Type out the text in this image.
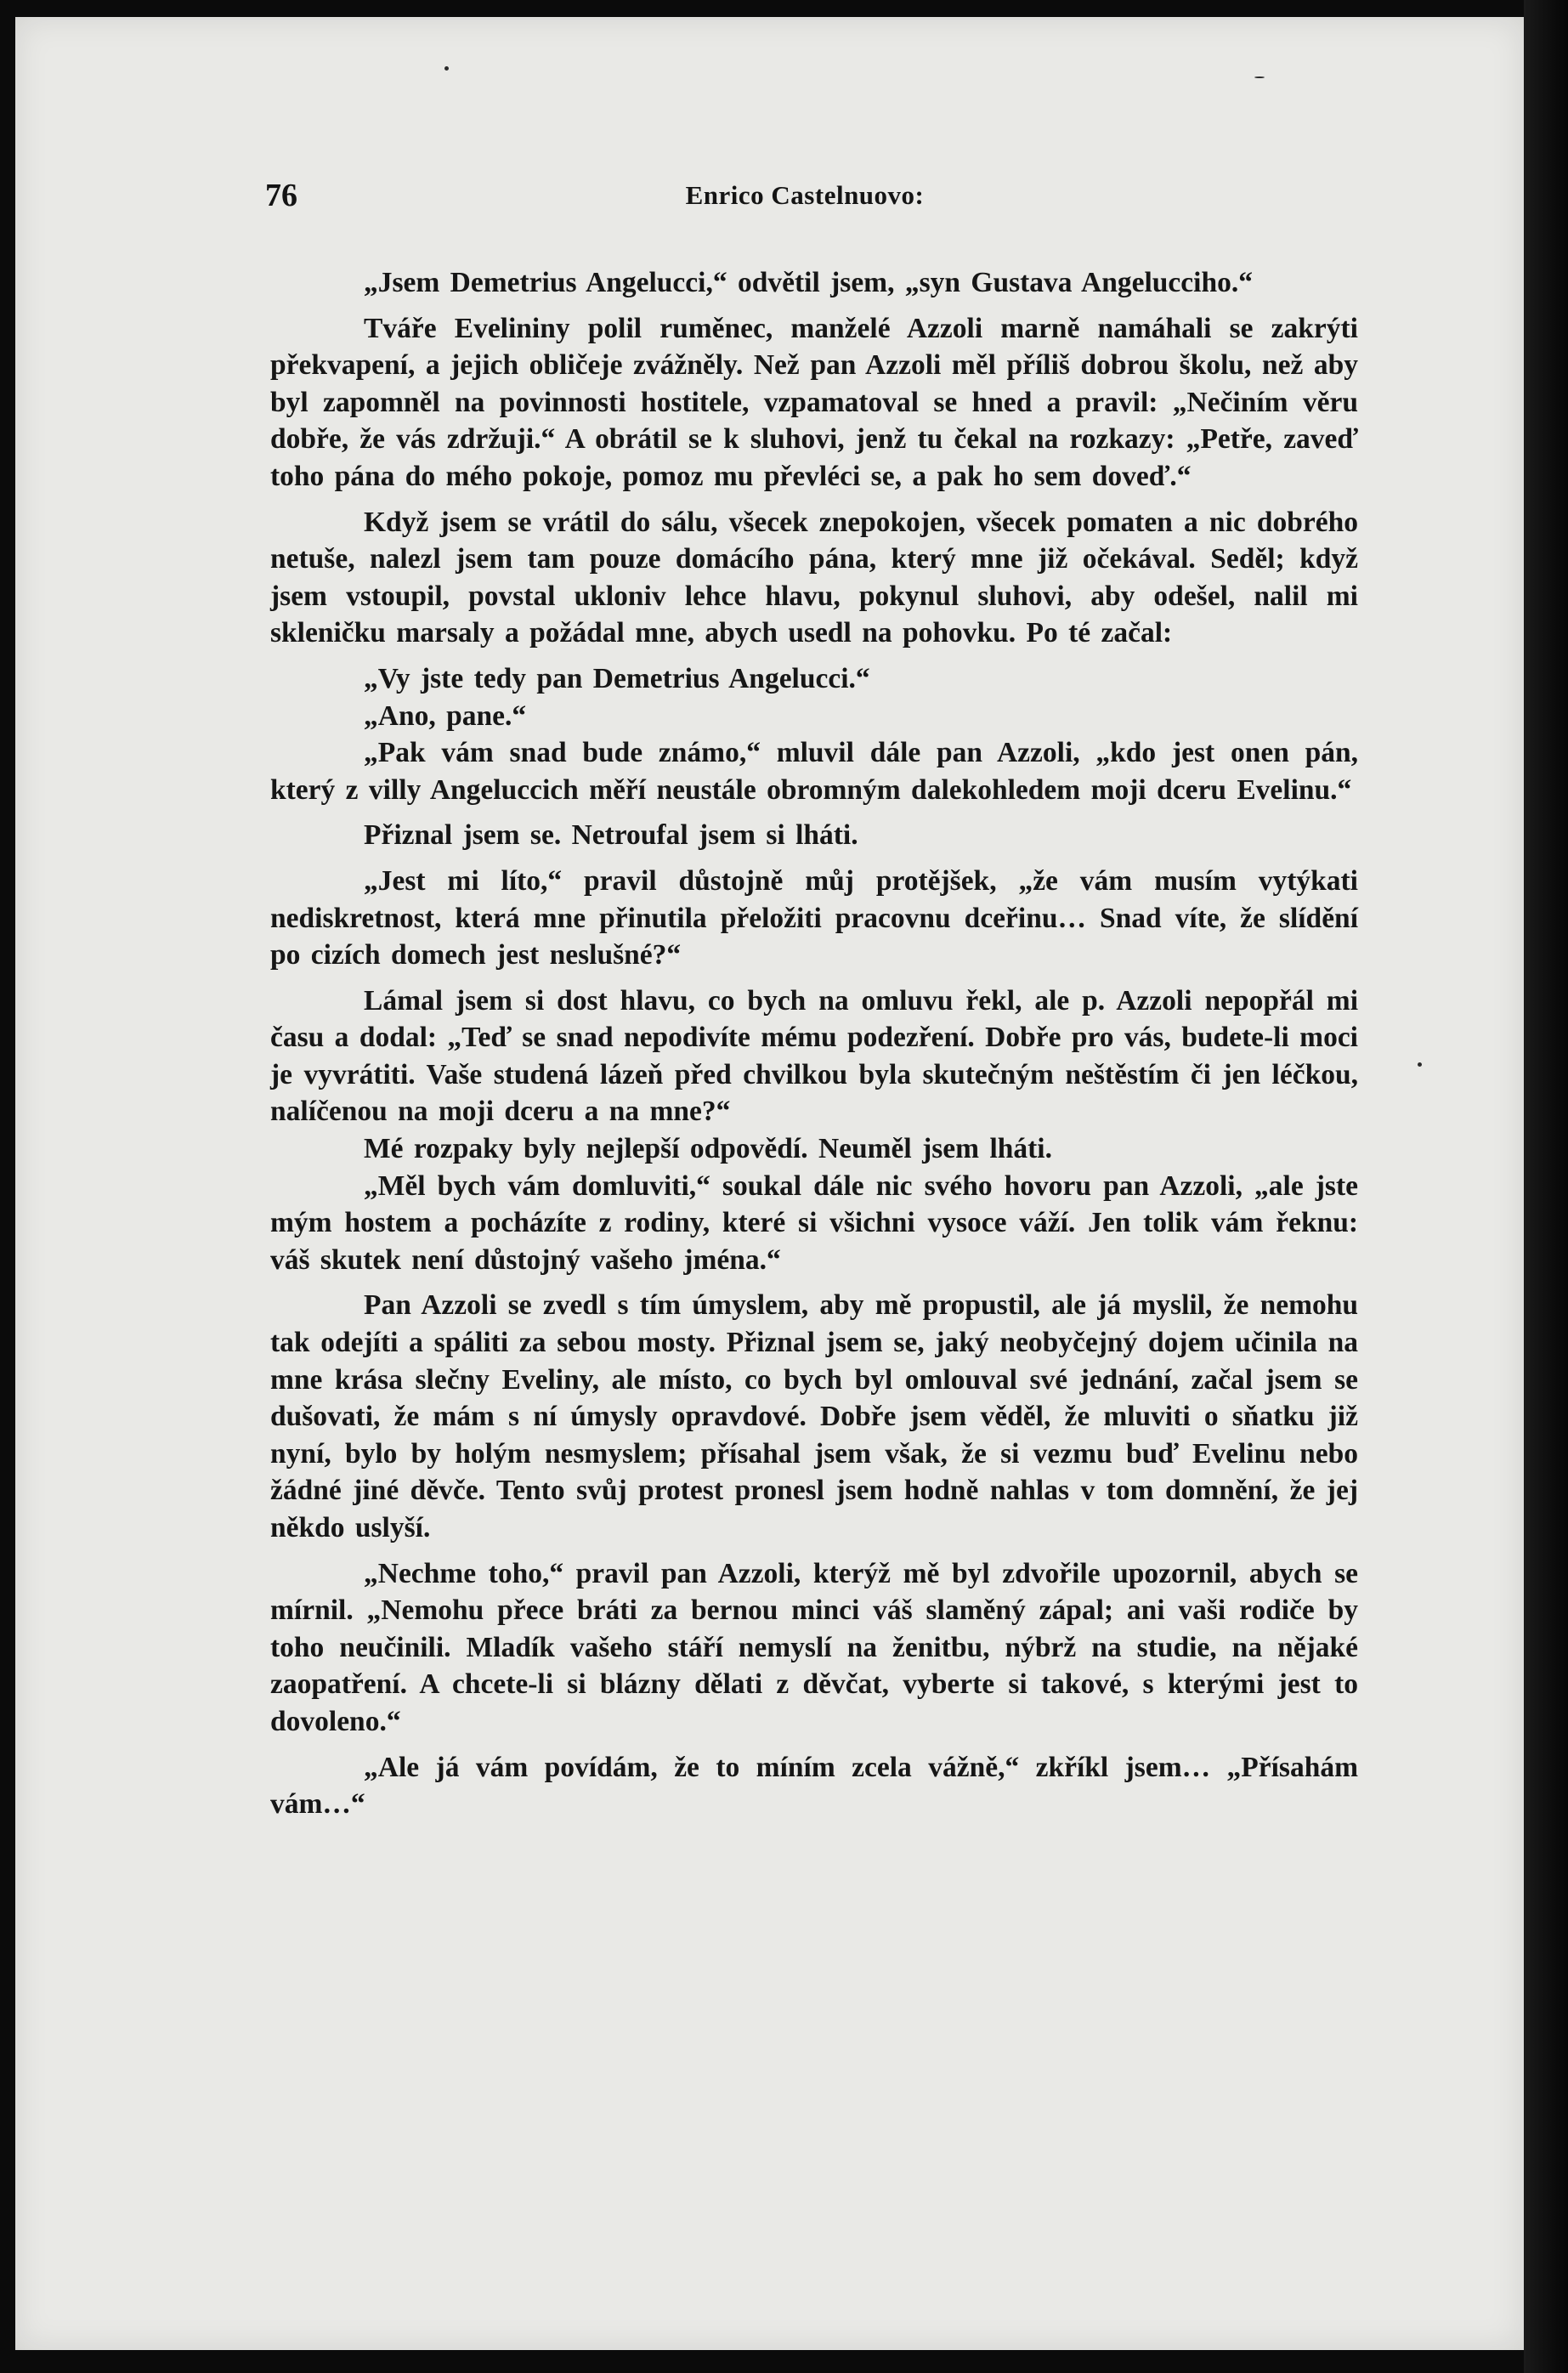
76	Enrico Castelnuovo:

„Jsem Demetrius Angelucci,“ odvětil jsem, „syn Gustava Angelucciho.“

Tváře Evelininy polil ruměnec, manželé Azzoli marně namáhali se zakrýti překvapení, a jejich obličeje zvážněly. Než pan Azzoli měl příliš dobrou školu, než aby byl zapomněl na povinnosti hostitele, vzpamatoval se hned a pravil: „Nečiním věru dobře, že vás zdržuji.“ A obrátil se k sluhovi, jenž tu čekal na rozkazy: „Petře, zaveď toho pána do mého pokoje, pomoz mu převléci se, a pak ho sem doveď.“

Když jsem se vrátil do sálu, všecek znepokojen, všecek pomaten a nic dobrého netuše, nalezl jsem tam pouze domácího pána, který mne již očekával. Seděl; když jsem vstoupil, povstal ukloniv lehce hlavu, pokynul sluhovi, aby odešel, nalil mi skleničku marsaly a požádal mne, abych usedl na pohovku. Po té začal:

„Vy jste tedy pan Demetrius Angelucci.“

„Ano, pane.“

„Pak vám snad bude známo,“ mluvil dále pan Azzoli, „kdo jest onen pán, který z villy Angeluccich měří neustále obromným dalekohledem moji dceru Evelinu.“

Přiznal jsem se. Netroufal jsem si lháti.

„Jest mi líto,“ pravil důstojně můj protějšek, „že vám musím vytýkati nediskretnost, která mne přinutila přeložiti pracovnu dceřinu… Snad víte, že slídění po cizích domech jest neslušné?“

Lámal jsem si dost hlavu, co bych na omluvu řekl, ale p. Azzoli nepopřál mi času a dodal: „Teď se snad nepodivíte mému podezření. Dobře pro vás, budete-li moci je vyvrátiti. Vaše studená lázeň před chvilkou byla skutečným neštěstím či jen léčkou, nalíčenou na moji dceru a na mne?“

Mé rozpaky byly nejlepší odpovědí. Neuměl jsem lháti.

„Měl bych vám domluviti,“ soukal dále nic svého hovoru pan Azzoli, „ale jste mým hostem a pocházíte z rodiny, které si všichni vysoce váží. Jen tolik vám řeknu: váš skutek není důstojný vašeho jména.“

Pan Azzoli se zvedl s tím úmyslem, aby mě propustil, ale já myslil, že nemohu tak odejíti a spáliti za sebou mosty. Přiznal jsem se, jaký neobyčejný dojem učinila na mne krása slečny Eveliny, ale místo, co bych byl omlouval své jednání, začal jsem se dušovati, že mám s ní úmysly opravdové. Dobře jsem věděl, že mluviti o sňatku již nyní, bylo by holým nesmyslem; přísahal jsem však, že si vezmu buď Evelinu nebo žádné jiné děvče. Tento svůj protest pronesl jsem hodně nahlas v tom domnění, že jej někdo uslyší.

„Nechme toho,“ pravil pan Azzoli, kterýž mě byl zdvořile upozornil, abych se mírnil. „Nemohu přece bráti za bernou minci váš slaměný zápal; ani vaši rodiče by toho neučinili. Mladík vašeho stáří nemyslí na ženitbu, nýbrž na studie, na nějaké zaopatření. A chcete-li si blázny dělati z děvčat, vyberte si takové, s kterými jest to dovoleno.“

„Ale já vám povídám, že to míním zcela vážně,“ zkříkl jsem… „Přísahám vám…“
